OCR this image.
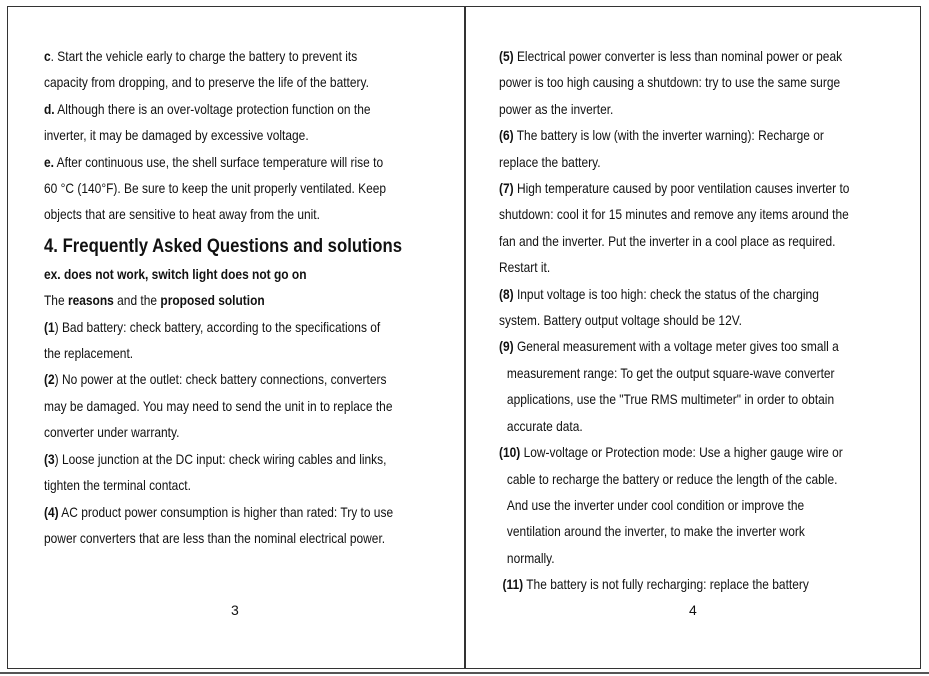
c. Start the vehicle early to charge the battery to prevent its

capacity from dropping, and to preserve the life of the battery.

d. Although there is an over-voltage protection function on the

inverter, it may be damaged by excessive voltage.

e. After continuous use, the shell surface temperature will rise to

60 °C (140°F). Be sure to keep the unit properly ventilated. Keep

objects that are sensitive to heat away from the unit.

4. Frequently Asked Questions and solutions

ex. does not work, switch light does not go on

The reasons and the proposed solution

(1) Bad battery: check battery, according to the specifications of

the replacement.

(2) No power at the outlet: check battery connections, converters

may be damaged. You may need to send the unit in to replace the

converter under warranty.

(3) Loose junction at the DC input: check wiring cables and links,

tighten the terminal contact.

(4) AC product power consumption is higher than rated: Try to use

power converters that are less than the nominal electrical power.

3

(5) Electrical power converter is less than nominal power or peak

power is too high causing a shutdown: try to use the same surge

power as the inverter.

(6) The battery is low (with the inverter warning): Recharge or

replace the battery.

(7) High temperature caused by poor ventilation causes inverter to

shutdown: cool it for 15 minutes and remove any items around the

fan and the inverter. Put the inverter in a cool place as required.

Restart it.

(8) Input voltage is too high: check the status of the charging

system. Battery output voltage should be 12V.

(9) General measurement with a voltage meter gives too small a

measurement range: To get the output square-wave converter

applications, use the "True RMS multimeter" in order to obtain

accurate data.

(10) Low-voltage or Protection mode: Use a higher gauge wire or

cable to recharge the battery or reduce the length of the cable.

And use the inverter under cool condition or improve the

ventilation around the inverter, to make the inverter work

normally.

(11) The battery is not fully recharging: replace the battery

4
